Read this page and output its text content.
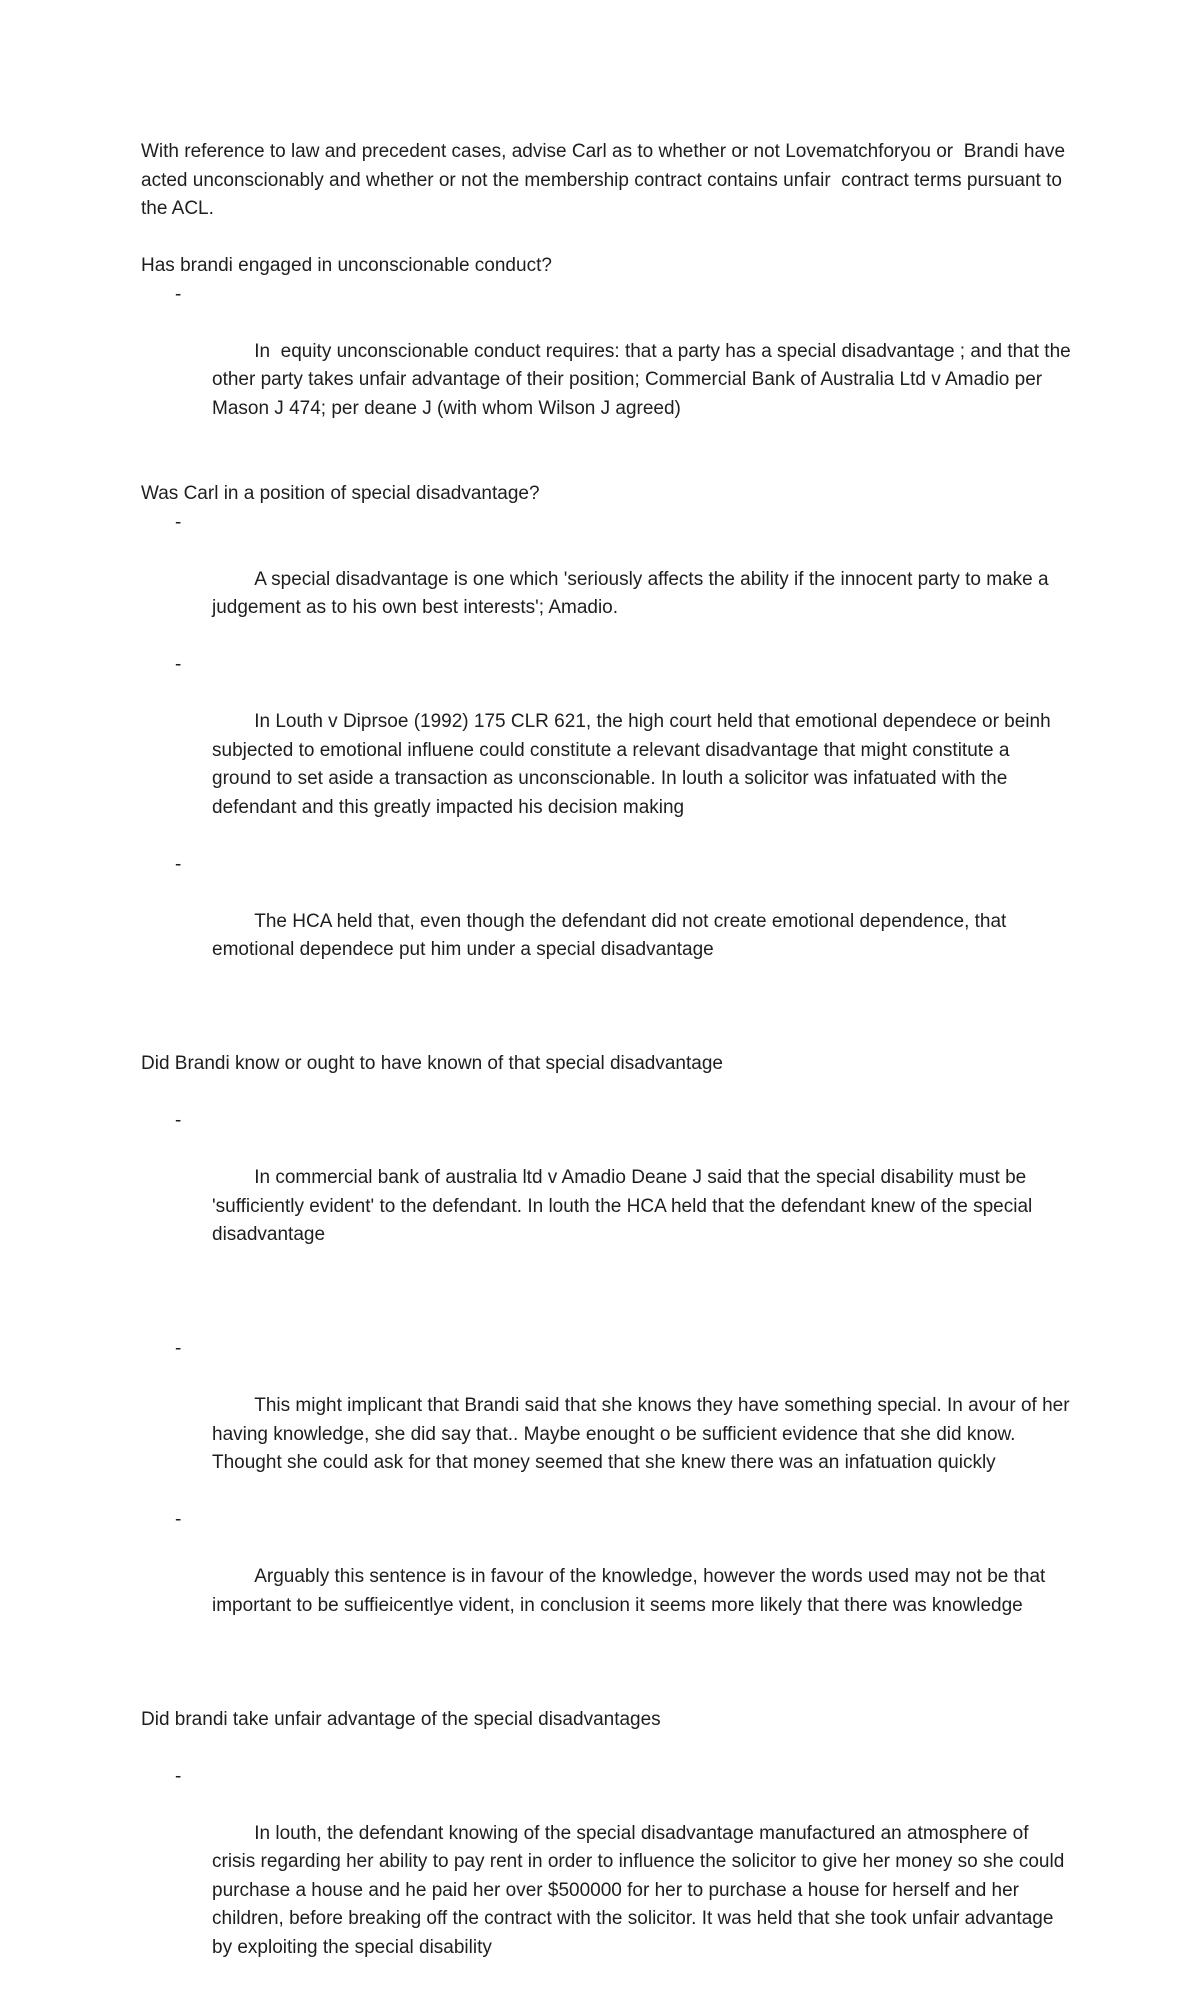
With reference to law and precedent cases, advise Carl as to whether or not Lovematchforyou or  Brandi have acted unconscionably and whether or not the membership contract contains unfair  contract terms pursuant to the ACL.

Has brandi engaged in unconscionable conduct?

-

In  equity unconscionable conduct requires: that a party has a special disadvantage ; and that the other party takes unfair advantage of their position; Commercial Bank of Australia Ltd v Amadio per Mason J 474; per deane J (with whom Wilson J agreed)

Was Carl in a position of special disadvantage?

-

A special disadvantage is one which 'seriously affects the ability if the innocent party to make a judgement as to his own best interests'; Amadio.

-

In Louth v Diprsoe (1992) 175 CLR 621, the high court held that emotional dependece or beinh subjected to emotional influene could constitute a relevant disadvantage that might constitute a ground to set aside a transaction as unconscionable. In louth a solicitor was infatuated with the defendant and this greatly impacted his decision making

-

The HCA held that, even though the defendant did not create emotional dependence, that emotional dependece put him under a special disadvantage

Did Brandi know or ought to have known of that special disadvantage

-

In commercial bank of australia ltd v Amadio Deane J said that the special disability must be 'sufficiently evident' to the defendant. In louth the HCA held that the defendant knew of the special disadvantage

-

This might implicant that Brandi said that she knows they have something special. In avour of her having knowledge, she did say that.. Maybe enought o be sufficient evidence that she did know. Thought she could ask for that money seemed that she knew there was an infatuation quickly

-

Arguably this sentence is in favour of the knowledge, however the words used may not be that important to be suffieicentlye vident, in conclusion it seems more likely that there was knowledge

Did brandi take unfair advantage of the special disadvantages

-

In louth, the defendant knowing of the special disadvantage manufactured an atmosphere of crisis regarding her ability to pay rent in order to influence the solicitor to give her money so she could purchase a house and he paid her over $500000 for her to purchase a house for herself and her children, before breaking off the contract with the solicitor. It was held that she took unfair advantage by exploiting the special disability
